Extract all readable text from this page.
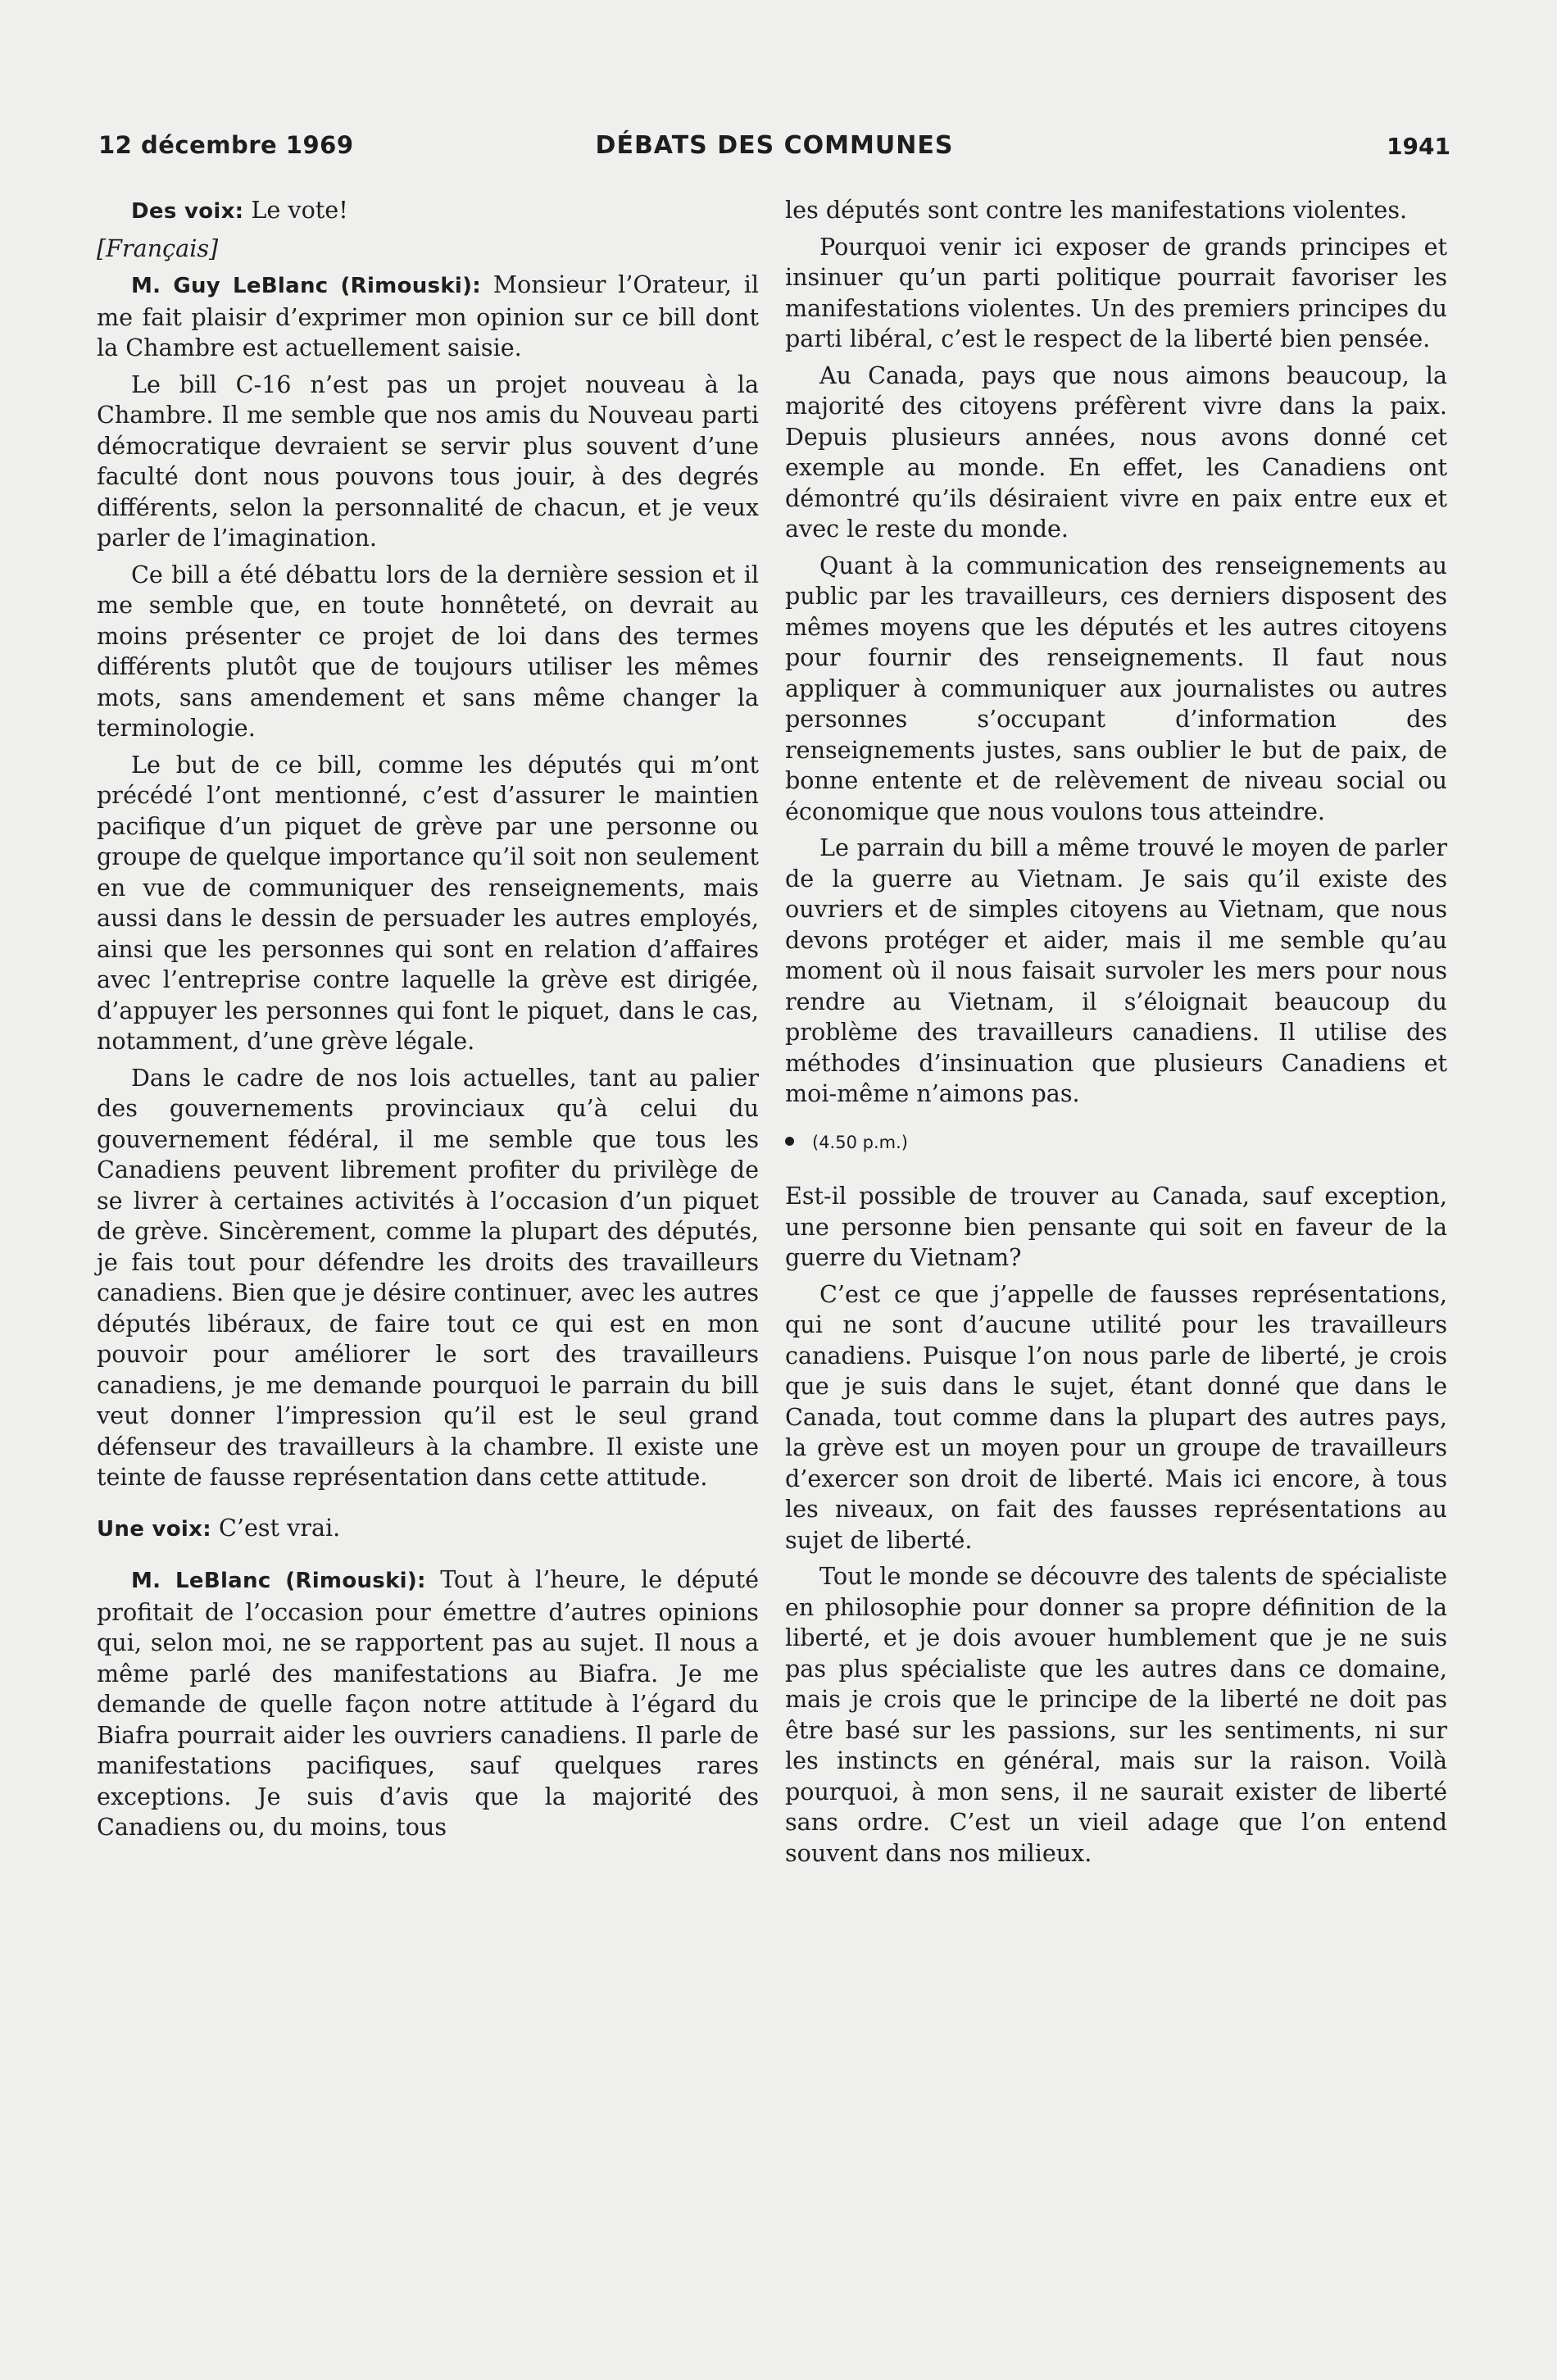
12 décembre 1969	DÉBATS DES COMMUNES	1941

Des voix: Le vote!

[Français]

M. Guy LeBlanc (Rimouski): Monsieur l’Orateur, il me fait plaisir d’exprimer mon opinion sur ce bill dont la Chambre est actuellement saisie.

Le bill C-16 n’est pas un projet nouveau à la Chambre. Il me semble que nos amis du Nouveau parti démocratique devraient se servir plus souvent d’une faculté dont nous pouvons tous jouir, à des degrés différents, selon la personnalité de chacun, et je veux parler de l’imagination.

Ce bill a été débattu lors de la dernière session et il me semble que, en toute honnêteté, on devrait au moins présenter ce projet de loi dans des termes différents plutôt que de toujours utiliser les mêmes mots, sans amendement et sans même changer la terminologie.

Le but de ce bill, comme les députés qui m’ont précédé l’ont mentionné, c’est d’assurer le maintien pacifique d’un piquet de grève par une personne ou groupe de quelque importance qu’il soit non seulement en vue de communiquer des renseignements, mais aussi dans le dessin de persuader les autres employés, ainsi que les personnes qui sont en relation d’affaires avec l’entreprise contre laquelle la grève est dirigée, d’appuyer les personnes qui font le piquet, dans le cas, notamment, d’une grève légale.

Dans le cadre de nos lois actuelles, tant au palier des gouvernements provinciaux qu’à celui du gouvernement fédéral, il me semble que tous les Canadiens peuvent librement profiter du privilège de se livrer à certaines activités à l’occasion d’un piquet de grève. Sincèrement, comme la plupart des députés, je fais tout pour défendre les droits des travailleurs canadiens. Bien que je désire continuer, avec les autres députés libéraux, de faire tout ce qui est en mon pouvoir pour améliorer le sort des travailleurs canadiens, je me demande pourquoi le parrain du bill veut donner l’impression qu’il est le seul grand défenseur des travailleurs à la chambre. Il existe une teinte de fausse représentation dans cette attitude.

Une voix: C’est vrai.

M. LeBlanc (Rimouski): Tout à l’heure, le député profitait de l’occasion pour émettre d’autres opinions qui, selon moi, ne se rapportent pas au sujet. Il nous a même parlé des manifestations au Biafra. Je me demande de quelle façon notre attitude à l’égard du Biafra pourrait aider les ouvriers canadiens. Il parle de manifestations pacifiques, sauf quelques rares exceptions. Je suis d’avis que la majorité des Canadiens ou, du moins, tous

les députés sont contre les manifestations violentes.

Pourquoi venir ici exposer de grands principes et insinuer qu’un parti politique pourrait favoriser les manifestations violentes. Un des premiers principes du parti libéral, c’est le respect de la liberté bien pensée.

Au Canada, pays que nous aimons beaucoup, la majorité des citoyens préfèrent vivre dans la paix. Depuis plusieurs années, nous avons donné cet exemple au monde. En effet, les Canadiens ont démontré qu’ils désiraient vivre en paix entre eux et avec le reste du monde.

Quant à la communication des renseignements au public par les travailleurs, ces derniers disposent des mêmes moyens que les députés et les autres citoyens pour fournir des renseignements. Il faut nous appliquer à communiquer aux journalistes ou autres personnes s’occupant d’information des renseignements justes, sans oublier le but de paix, de bonne entente et de relèvement de niveau social ou économique que nous voulons tous atteindre.

Le parrain du bill a même trouvé le moyen de parler de la guerre au Vietnam. Je sais qu’il existe des ouvriers et de simples citoyens au Vietnam, que nous devons protéger et aider, mais il me semble qu’au moment où il nous faisait survoler les mers pour nous rendre au Vietnam, il s’éloignait beaucoup du problème des travailleurs canadiens. Il utilise des méthodes d’insinuation que plusieurs Canadiens et moi-même n’aimons pas.

(4.50 p.m.)

Est-il possible de trouver au Canada, sauf exception, une personne bien pensante qui soit en faveur de la guerre du Vietnam?

C’est ce que j’appelle de fausses représentations, qui ne sont d’aucune utilité pour les travailleurs canadiens. Puisque l’on nous parle de liberté, je crois que je suis dans le sujet, étant donné que dans le Canada, tout comme dans la plupart des autres pays, la grève est un moyen pour un groupe de travailleurs d’exercer son droit de liberté. Mais ici encore, à tous les niveaux, on fait des fausses représentations au sujet de liberté.

Tout le monde se découvre des talents de spécialiste en philosophie pour donner sa propre définition de la liberté, et je dois avouer humblement que je ne suis pas plus spécialiste que les autres dans ce domaine, mais je crois que le principe de la liberté ne doit pas être basé sur les passions, sur les sentiments, ni sur les instincts en général, mais sur la raison. Voilà pourquoi, à mon sens, il ne saurait exister de liberté sans ordre. C’est un vieil adage que l’on entend souvent dans nos milieux.
